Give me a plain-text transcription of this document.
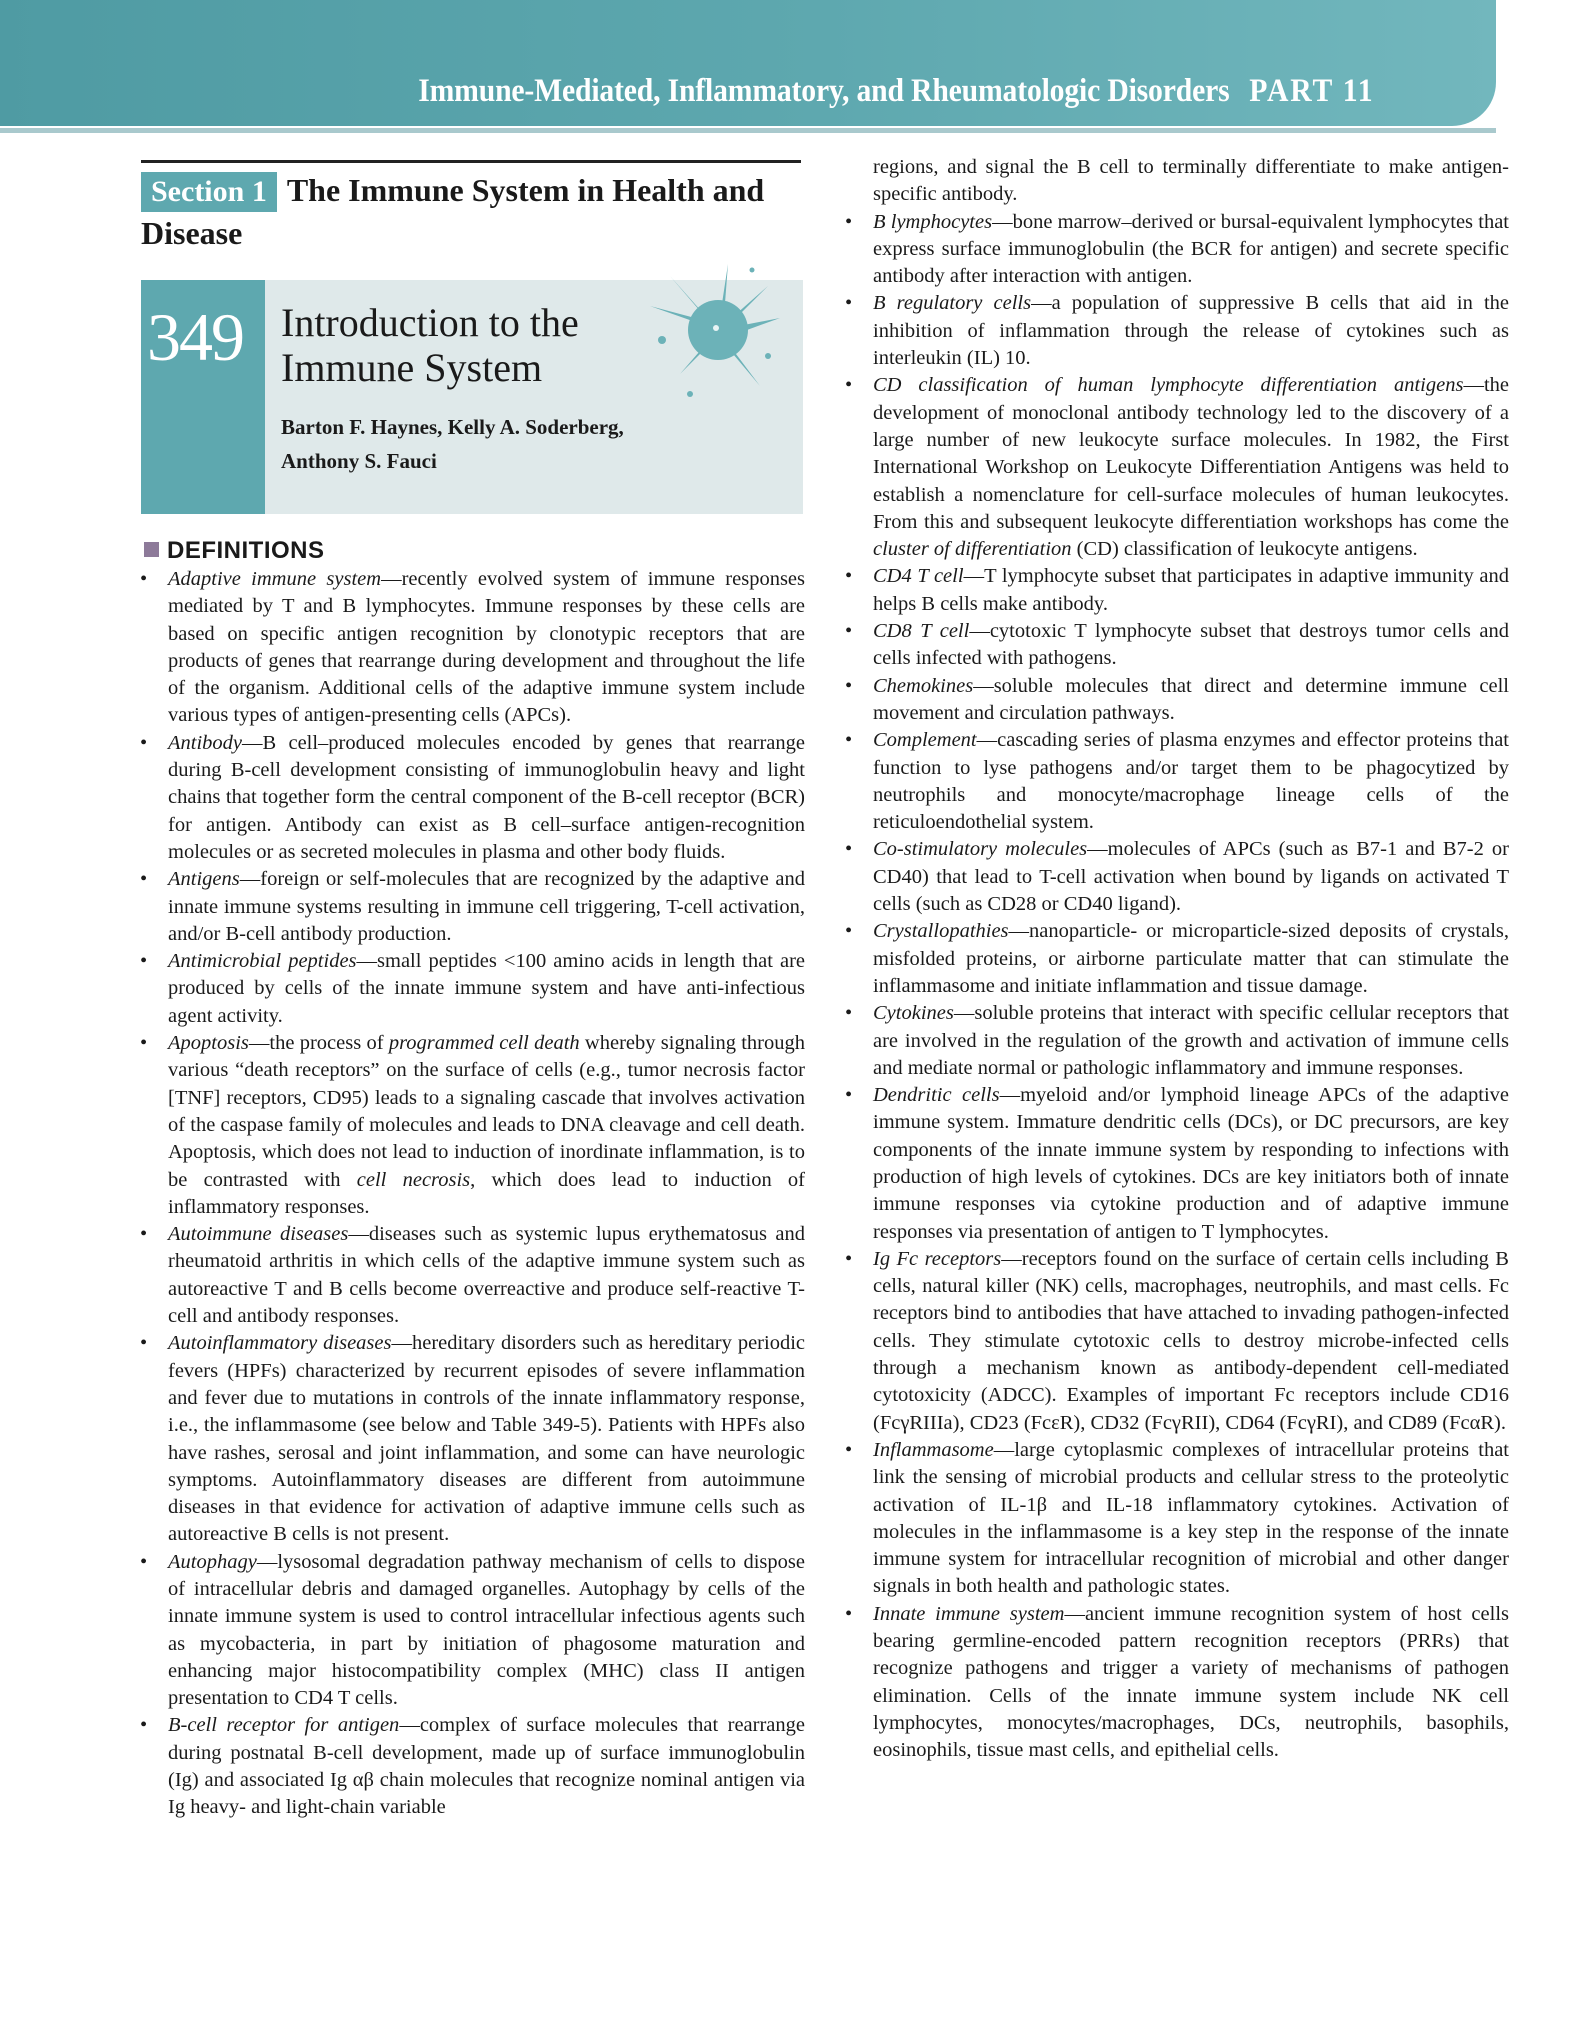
Immune-Mediated, Inflammatory, and Rheumatologic Disorders PART 11
Section 1 The Immune System in Health and Disease
349 Introduction to the Immune System
Barton F. Haynes, Kelly A. Soderberg,
Anthony S. Fauci
DEFINITIONS
•	Adaptive immune system—recently evolved system of immune responses mediated by T and B lymphocytes. Immune responses by these cells are based on specific antigen recognition by clonotypic receptors that are products of genes that rearrange during development and throughout the life of the organism. Additional cells of the adaptive immune system include various types of antigen-presenting cells (APCs).
•	Antibody—B cell–produced molecules encoded by genes that rearrange during B-cell development consisting of immunoglobulin heavy and light chains that together form the central component of the B-cell receptor (BCR) for antigen. Antibody can exist as B cell–surface antigen-recognition molecules or as secreted molecules in plasma and other body fluids.
•	Antigens—foreign or self-molecules that are recognized by the adaptive and innate immune systems resulting in immune cell triggering, T-cell activation, and/or B-cell antibody production.
•	Antimicrobial peptides—small peptides <100 amino acids in length that are produced by cells of the innate immune system and have anti-infectious agent activity.
•	Apoptosis—the process of programmed cell death whereby signaling through various “death receptors” on the surface of cells (e.g., tumor necrosis factor [TNF] receptors, CD95) leads to a signaling cascade that involves activation of the caspase family of molecules and leads to DNA cleavage and cell death. Apoptosis, which does not lead to induction of inordinate inflammation, is to be contrasted with cell necrosis, which does lead to induction of inflammatory responses.
•	Autoimmune diseases—diseases such as systemic lupus erythematosus and rheumatoid arthritis in which cells of the adaptive immune system such as autoreactive T and B cells become overreactive and produce self-reactive T-cell and antibody responses.
•	Autoinflammatory diseases—hereditary disorders such as hereditary periodic fevers (HPFs) characterized by recurrent episodes of severe inflammation and fever due to mutations in controls of the innate inflammatory response, i.e., the inflammasome (see below and Table 349-5). Patients with HPFs also have rashes, serosal and joint inflammation, and some can have neurologic symptoms. Autoinflammatory diseases are different from autoimmune diseases in that evidence for activation of adaptive immune cells such as autoreactive B cells is not present.
•	Autophagy—lysosomal degradation pathway mechanism of cells to dispose of intracellular debris and damaged organelles. Autophagy by cells of the innate immune system is used to control intracellular infectious agents such as mycobacteria, in part by initiation of phagosome maturation and enhancing major histocompatibility complex (MHC) class II antigen presentation to CD4 T cells.
•	B-cell receptor for antigen—complex of surface molecules that rearrange during postnatal B-cell development, made up of surface immunoglobulin (Ig) and associated Ig αβ chain molecules that recognize nominal antigen via Ig heavy- and light-chain variable
regions, and signal the B cell to terminally differentiate to make antigen-specific antibody.
•	B lymphocytes—bone marrow–derived or bursal-equivalent lymphocytes that express surface immunoglobulin (the BCR for antigen) and secrete specific antibody after interaction with antigen.
•	B regulatory cells—a population of suppressive B cells that aid in the inhibition of inflammation through the release of cytokines such as interleukin (IL) 10.
•	CD classification of human lymphocyte differentiation antigens—the development of monoclonal antibody technology led to the discovery of a large number of new leukocyte surface molecules. In 1982, the First International Workshop on Leukocyte Differentiation Antigens was held to establish a nomenclature for cell-surface molecules of human leukocytes. From this and subsequent leukocyte differentiation workshops has come the cluster of differentiation (CD) classification of leukocyte antigens.
•	CD4 T cell—T lymphocyte subset that participates in adaptive immunity and helps B cells make antibody.
•	CD8 T cell—cytotoxic T lymphocyte subset that destroys tumor cells and cells infected with pathogens.
•	Chemokines—soluble molecules that direct and determine immune cell movement and circulation pathways.
•	Complement—cascading series of plasma enzymes and effector proteins that function to lyse pathogens and/or target them to be phagocytized by neutrophils and monocyte/macrophage lineage cells of the reticuloendothelial system.
•	Co-stimulatory molecules—molecules of APCs (such as B7-1 and B7-2 or CD40) that lead to T-cell activation when bound by ligands on activated T cells (such as CD28 or CD40 ligand).
•	Crystallopathies—nanoparticle- or microparticle-sized deposits of crystals, misfolded proteins, or airborne particulate matter that can stimulate the inflammasome and initiate inflammation and tissue damage.
•	Cytokines—soluble proteins that interact with specific cellular receptors that are involved in the regulation of the growth and activation of immune cells and mediate normal or pathologic inflammatory and immune responses.
•	Dendritic cells—myeloid and/or lymphoid lineage APCs of the adaptive immune system. Immature dendritic cells (DCs), or DC precursors, are key components of the innate immune system by responding to infections with production of high levels of cytokines. DCs are key initiators both of innate immune responses via cytokine production and of adaptive immune responses via presentation of antigen to T lymphocytes.
•	Ig Fc receptors—receptors found on the surface of certain cells including B cells, natural killer (NK) cells, macrophages, neutrophils, and mast cells. Fc receptors bind to antibodies that have attached to invading pathogen-infected cells. They stimulate cytotoxic cells to destroy microbe-infected cells through a mechanism known as antibody-dependent cell-mediated cytotoxicity (ADCC). Examples of important Fc receptors include CD16 (FcγRIIIa), CD23 (FcεR), CD32 (FcγRII), CD64 (FcγRI), and CD89 (FcαR).
•	Inflammasome—large cytoplasmic complexes of intracellular proteins that link the sensing of microbial products and cellular stress to the proteolytic activation of IL-1β and IL-18 inflammatory cytokines. Activation of molecules in the inflammasome is a key step in the response of the innate immune system for intracellular recognition of microbial and other danger signals in both health and pathologic states.
•	Innate immune system—ancient immune recognition system of host cells bearing germline-encoded pattern recognition receptors (PRRs) that recognize pathogens and trigger a variety of mechanisms of pathogen elimination. Cells of the innate immune system include NK cell lymphocytes, monocytes/macrophages, DCs, neutrophils, basophils, eosinophils, tissue mast cells, and epithelial cells.
